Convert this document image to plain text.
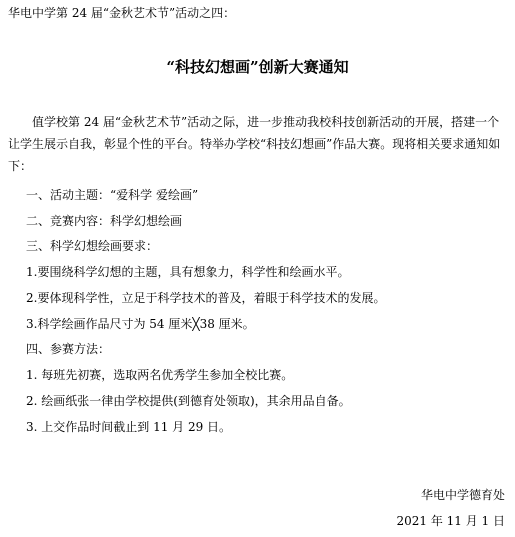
华电中学第 24 届“金秋艺术节”活动之四：
“科技幻想画”创新大赛通知
值学校第 24 届“金秋艺术节”活动之际，进一步推动我校科技创新活动的开展，搭建一个让学生展示自我，彰显个性的平台。特举办学校“科技幻想画”作品大赛。现将相关要求通知如下：
一、活动主题：“爱科学 爱绘画”
二、竞赛内容：科学幻想绘画
三、科学幻想绘画要求：
1.要围绕科学幻想的主题，具有想象力，科学性和绘画水平。
2.要体现科学性，立足于科学技术的普及，着眼于科学技术的发展。
3.科学绘画作品尺寸为 54 厘米╳38 厘米。
四、参赛方法：
1. 每班先初赛，选取两名优秀学生参加全校比赛。
2. 绘画纸张一律由学校提供(到德育处领取)，其余用品自备。
3. 上交作品时间截止到 11 月 29 日。
华电中学德育处
2021 年 11 月 1 日
